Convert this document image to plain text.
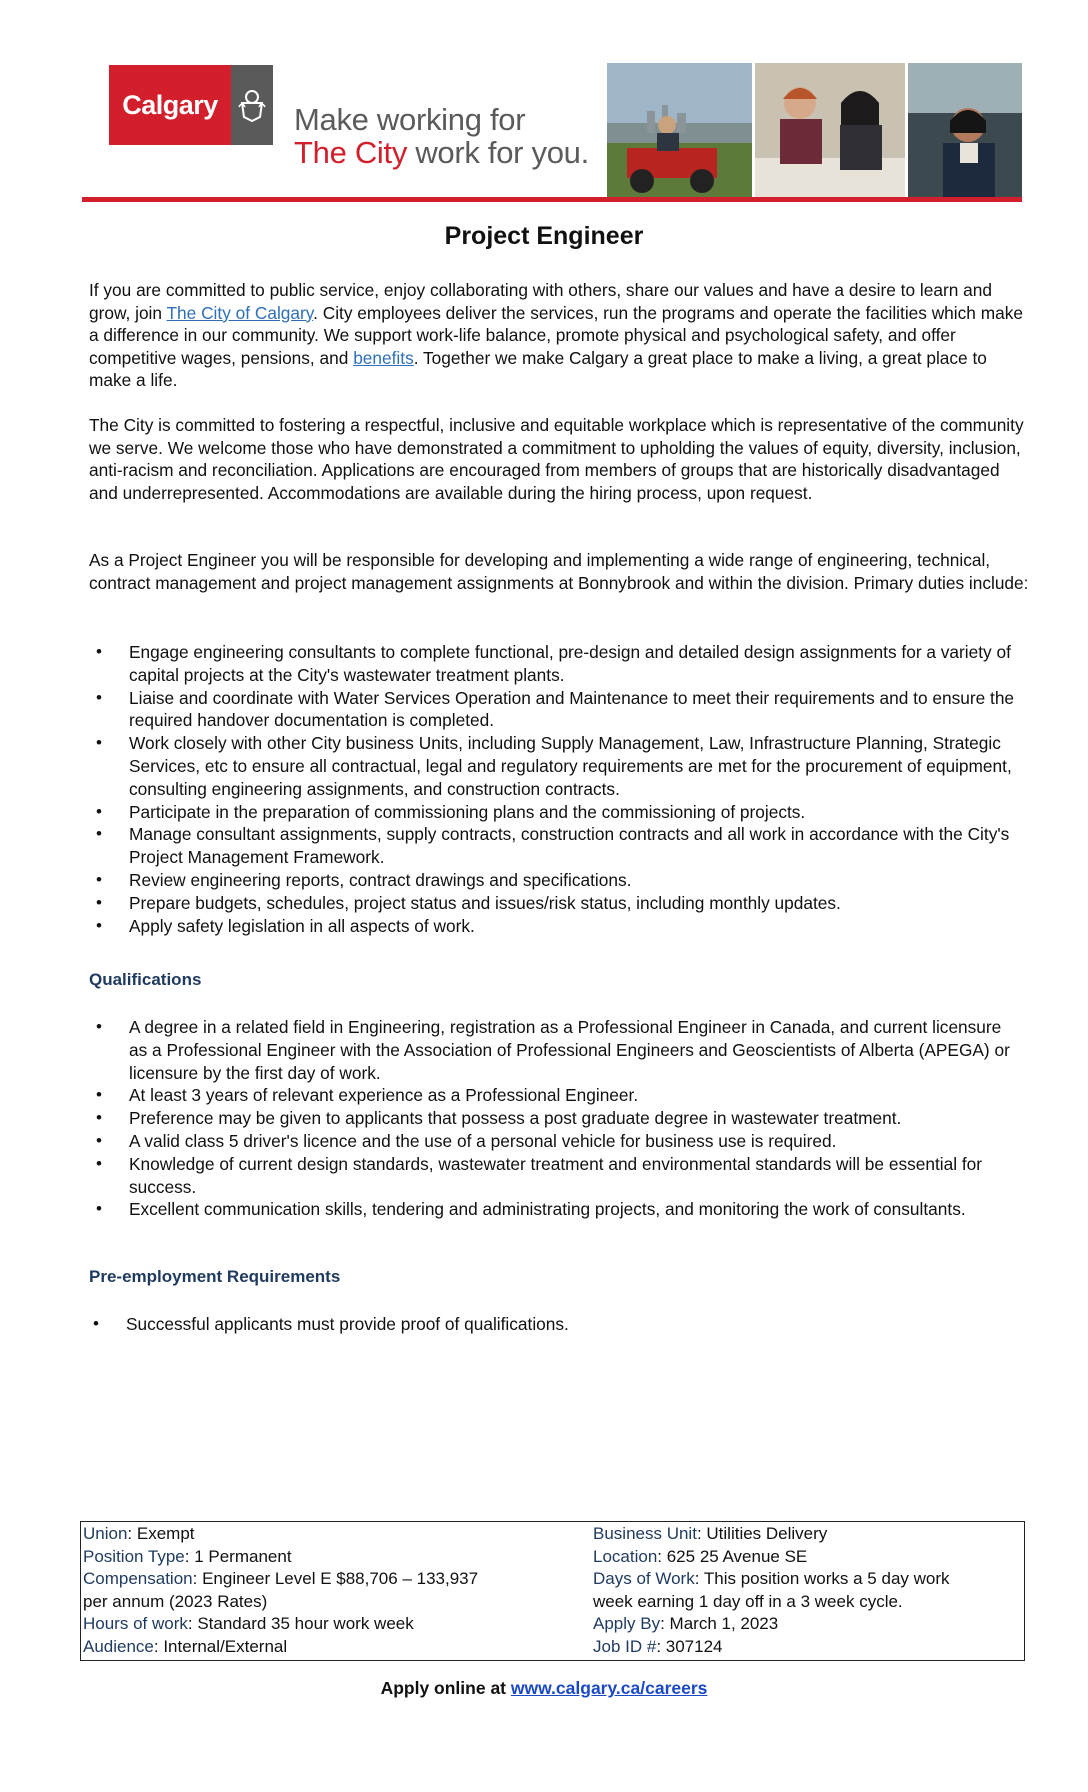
Calgary	Make working for
The City work for you.
Project Engineer

If you are committed to public service, enjoy collaborating with others, share our values and have a desire to learn and grow, join The City of Calgary. City employees deliver the services, run the programs and operate the facilities which make a difference in our community. We support work-life balance, promote physical and psychological safety, and offer competitive wages, pensions, and benefits. Together we make Calgary a great place to make a living, a great place to make a life.

The City is committed to fostering a respectful, inclusive and equitable workplace which is representative of the community we serve. We welcome those who have demonstrated a commitment to upholding the values of equity, diversity, inclusion, anti-racism and reconciliation. Applications are encouraged from members of groups that are historically disadvantaged and underrepresented. Accommodations are available during the hiring process, upon request.

As a Project Engineer you will be responsible for developing and implementing a wide range of engineering, technical, contract management and project management assignments at Bonnybrook and within the division. Primary duties include:

• Engage engineering consultants to complete functional, pre-design and detailed design assignments for a variety of capital projects at the City's wastewater treatment plants.
• Liaise and coordinate with Water Services Operation and Maintenance to meet their requirements and to ensure the required handover documentation is completed.
• Work closely with other City business Units, including Supply Management, Law, Infrastructure Planning, Strategic Services, etc to ensure all contractual, legal and regulatory requirements are met for the procurement of equipment, consulting engineering assignments, and construction contracts.
• Participate in the preparation of commissioning plans and the commissioning of projects.
• Manage consultant assignments, supply contracts, construction contracts and all work in accordance with the City's Project Management Framework.
• Review engineering reports, contract drawings and specifications.
• Prepare budgets, schedules, project status and issues/risk status, including monthly updates.
• Apply safety legislation in all aspects of work.

Qualifications

• A degree in a related field in Engineering, registration as a Professional Engineer in Canada, and current licensure as a Professional Engineer with the Association of Professional Engineers and Geoscientists of Alberta (APEGA) or licensure by the first day of work.
• At least 3 years of relevant experience as a Professional Engineer.
• Preference may be given to applicants that possess a post graduate degree in wastewater treatment.
• A valid class 5 driver's licence and the use of a personal vehicle for business use is required.
• Knowledge of current design standards, wastewater treatment and environmental standards will be essential for success.
• Excellent communication skills, tendering and administrating projects, and monitoring the work of consultants.

Pre-employment Requirements

• Successful applicants must provide proof of qualifications.

Union: Exempt

Position Type: 1 Permanent

Compensation: Engineer Level E $88,706 – 133,937

per annum (2023 Rates)

Hours of work: Standard 35 hour work week

Audience: Internal/External

Business Unit: Utilities Delivery

Location: 625 25 Avenue SE

Days of Work: This position works a 5 day work

week earning 1 day off in a 3 week cycle.

Apply By: March 1, 2023

Job ID #: 307124

Apply online at www.calgary.ca/careers
